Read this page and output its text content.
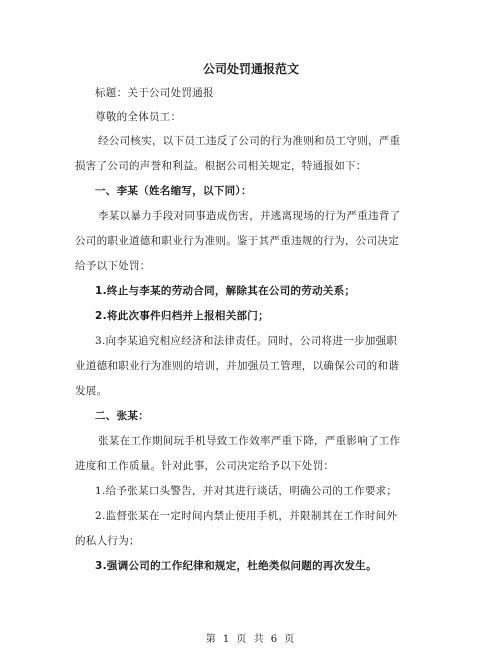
公司处罚通报范文
标题：关于公司处罚通报
尊敬的全体员工：
经公司核实，以下员工违反了公司的行为准则和员工守则，严重
损害了公司的声誉和利益。根据公司相关规定，特通报如下：
一、李某（姓名缩写，以下同）：
李某以暴力手段对同事造成伤害，并逃离现场的行为严重违背了
公司的职业道德和职业行为准则。鉴于其严重违规的行为，公司决定
给予以下处罚：
1.终止与李某的劳动合同，解除其在公司的劳动关系；
2.将此次事件归档并上报相关部门；
3.向李某追究相应经济和法律责任。同时，公司将进一步加强职
业道德和职业行为准则的培训，并加强员工管理，以确保公司的和谐
发展。
二、张某：
张某在工作期间玩手机导致工作效率严重下降，严重影响了工作
进度和工作质量。针对此事，公司决定给予以下处罚：
1.给予张某口头警告，并对其进行谈话，明确公司的工作要求；
2.监督张某在一定时间内禁止使用手机，并限制其在工作时间外
的私人行为；
3.强调公司的工作纪律和规定，杜绝类似问题的再次发生。
第 1 页 共 6 页
